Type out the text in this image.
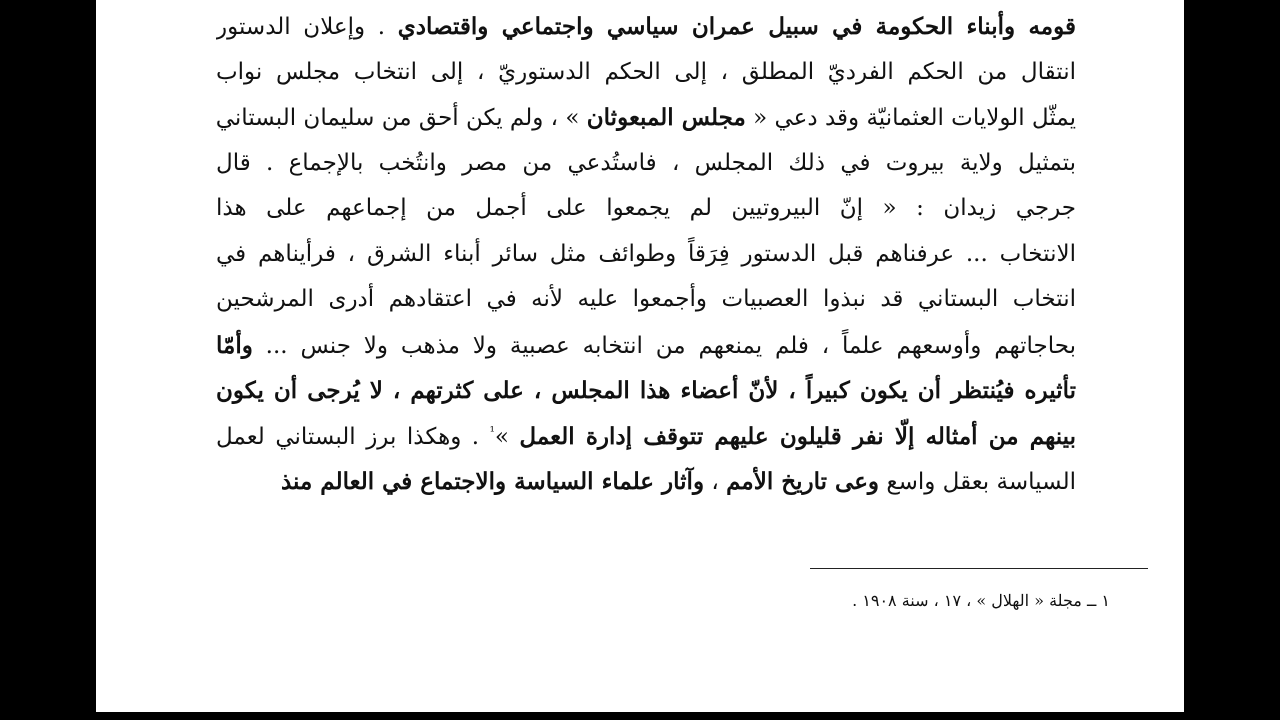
قومه وأبناء الحكومة في سبيل عمران سياسي واجتماعي واقتصادي . وإعلان الدستور
انتقال من الحكم الفرديّ المطلق ، إلى الحكم الدستوريّ ، إلى انتخاب مجلس نواب
يمثّل الولايات العثمانيّة وقد دعي « مجلس المبعوثان » ، ولم يكن أحق من سليمان البستاني
بتمثيل ولاية بيروت في ذلك المجلس ، فاستُدعي من مصر وانتُخب بالإجماع . قال
جرجي زيدان : « إنّ البيروتيين لم يجمعوا على أجمل من إجماعهم على هذا
الانتخاب ... عرفناهم قبل الدستور فِرَقاً وطوائف مثل سائر أبناء الشرق ، فرأيناهم في
انتخاب البستاني قد نبذوا العصبيات وأجمعوا عليه لأنه في اعتقادهم أدرى المرشحين
بحاجاتهم وأوسعهم علماً ، فلم يمنعهم من انتخابه عصبية ولا مذهب ولا جنس ... وأمّا
تأثيره فيُنتظر أن يكون كبيراً ، لأنّ أعضاء هذا المجلس ، على كثرتهم ، لا يُرجى أن يكون
بينهم من أمثاله إلّا نفر قليلون عليهم تتوقف إدارة العمل »$^{^1}$ . وهكذا برز البستاني لعمل
السياسة بعقل واسع وعى تاريخ الأمم ، وآثار علماء السياسة والاجتماع في العالم منذ
١ ــ مجلة « الهلال » ، ١٧ ، سنة ١٩٠٨ .
